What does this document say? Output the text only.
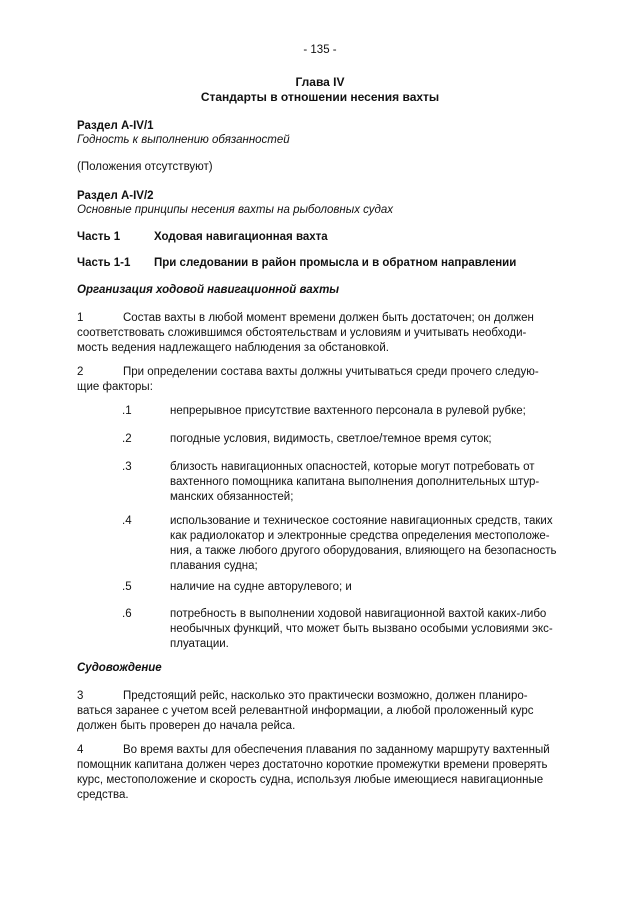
- 135 -
Глава IV
Стандарты в отношении несения вахты
Раздел A-IV/1
Годность к выполнению обязанностей
(Положения отсутствуют)
Раздел A-IV/2
Основные принципы несения вахты на рыболовных судах
Часть 1	Ходовая навигационная вахта
Часть 1-1 При следовании в район промысла и в обратном направлении
Организация ходовой навигационной вахты
1	Состав вахты в любой момент времени должен быть достаточен; он должен
соответствовать сложившимся обстоятельствам и условиям и учитывать необходи-
мость ведения надлежащего наблюдения за обстановкой.
2	При определении состава вахты должны учитываться среди прочего следую-
щие факторы:
.1	непрерывное присутствие вахтенного персонала в рулевой рубке;
.2	погодные условия, видимость, светлое/темное время суток;
.3	близость навигационных опасностей, которые могут потребовать от
вахтенного помощника капитана выполнения дополнительных штур-
манских обязанностей;
.4	использование и техническое состояние навигационных средств, таких
как радиолокатор и электронные средства определения местоположе-
ния, а также любого другого оборудования, влияющего на безопасность
плавания судна;
.5	наличие на судне авторулевого; и
.6	потребность в выполнении ходовой навигационной вахтой каких-либо
необычных функций, что может быть вызвано особыми условиями экс-
плуатации.
Судовождение
3	Предстоящий рейс, насколько это практически возможно, должен планиро-
ваться заранее с учетом всей релевантной информации, а любой проложенный курс
должен быть проверен до начала рейса.
4	Во время вахты для обеспечения плавания по заданному маршруту вахтенный
помощник капитана должен через достаточно короткие промежутки времени проверять
курс, местоположение и скорость судна, используя любые имеющиеся навигационные
средства.
